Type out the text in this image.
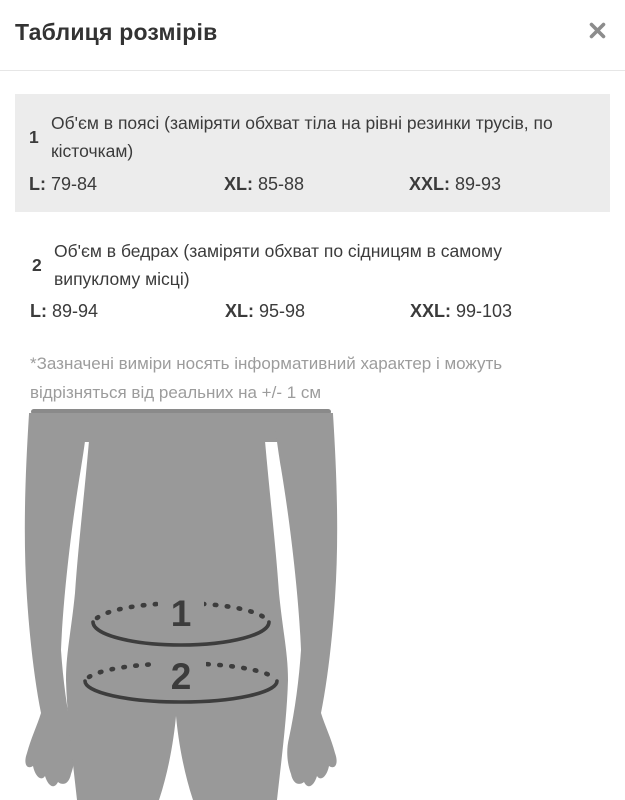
Таблиця розмірів
1
Об'єм в поясі (заміряти обхват тіла на рівні резинки трусів, по кісточкам)
L: 79-84	XL: 85-88	XXL: 89-93
2
Об'єм в бедрах (заміряти обхват по сідницям в самому випуклому місці)
L: 89-94	XL: 95-98	XXL: 99-103
*Зазначені виміри носять інформативний характер і можуть відрізняться від реальних на +/- 1 см
1
2
